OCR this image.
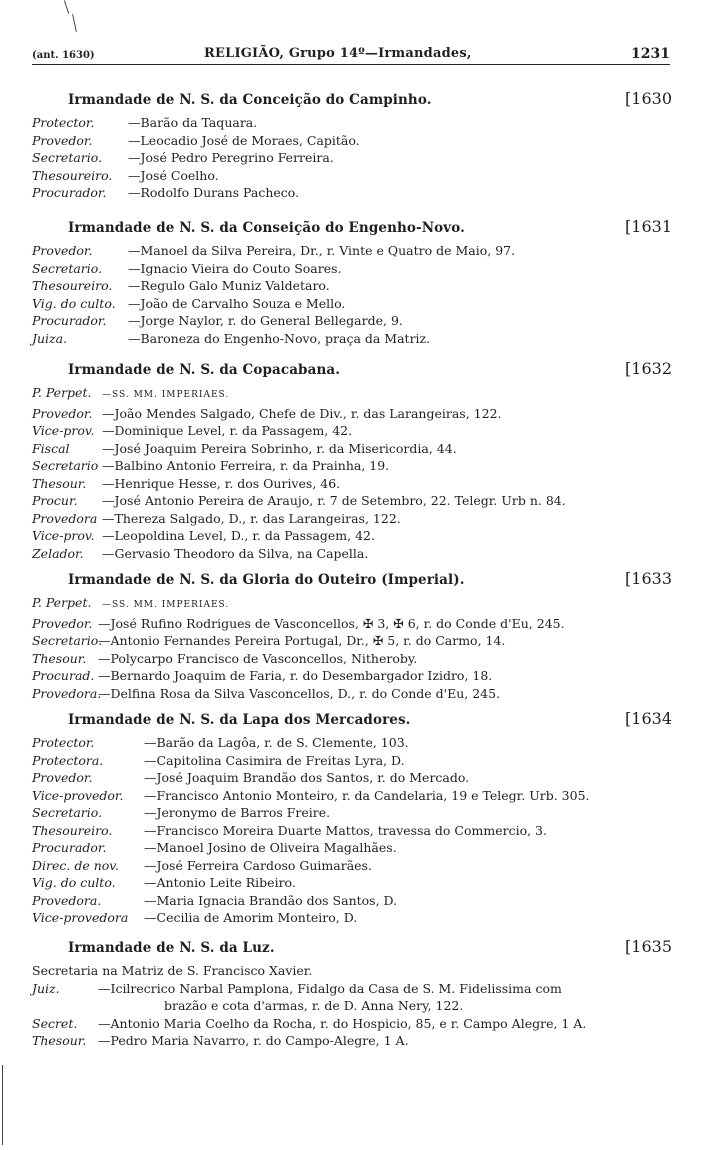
(ant. 1630)	RELIGIÃO, Grupo 14º—Irmandades,	1231
Irmandade de N. S. da Conceição do Campinho.	[1630
Protector.	—Barão da Taquara.
Provedor.	—Leocadio José de Moraes, Capitão.
Secretario. —José Pedro Peregrino Ferreira.
Thesoureiro. —José Coelho.
Procurador. —Rodolfo Durans Pacheco.
Irmandade de N. S. da Conseição do Engenho-Novo.	[1631
Provedor.	—Manoel da Silva Pereira, Dr., r. Vinte e Quatro de Maio, 97.
Secretario. —Ignacio Vieira do Couto Soares.
Thesoureiro. —Regulo Galo Muniz Valdetaro.
Vig. do culto. —João de Carvalho Souza e Mello.
Procurador. —Jorge Naylor, r. do General Bellegarde, 9.
Juiza.	—Baroneza do Engenho-Novo, praça da Matriz.
Irmandade de N. S. da Copacabana.	[1632
P. Perpet. —SS. MM. IMPERIAES.
Provedor. —João Mendes Salgado, Chefe de Div., r. das Larangeiras, 122.
Vice-prov. —Dominique Level, r. da Passagem, 42.
Fiscal	—José Joaquim Pereira Sobrinho, r. da Misericordia, 44.
Secretario —Balbino Antonio Ferreira, r. da Prainha, 19.
Thesour. —Henrique Hesse, r. dos Ourives, 46.
Procur. —José Antonio Pereira de Araujo, r. 7 de Setembro, 22. Telegr. Urb n. 84.
Provedora —Thereza Salgado, D., r. das Larangeiras, 122.
Vice-prov. —Leopoldina Level, D., r. da Passagem, 42.
Zelador. —Gervasio Theodoro da Silva, na Capella.
Irmandade de N. S. da Gloria do Outeiro (Imperial).	[1633
P. Perpet. —SS. MM. IMPERIAES.
Provedor. —José Rufino Rodrigues de Vasconcellos, ✠ 3, ✠ 6, r. do Conde d'Eu, 245.
Secretario.—Antonio Fernandes Pereira Portugal, Dr., ✠ 5, r. do Carmo, 14.
Thesour. —Polycarpo Francisco de Vasconcellos, Nitheroby.
Procurad. —Bernardo Joaquim de Faria, r. do Desembargador Izidro, 18.
Provedora.—Delfina Rosa da Silva Vasconcellos, D., r. do Conde d'Eu, 245.
Irmandade de N. S. da Lapa dos Mercadores.	[1634
Protector.	—Barão da Lagôa, r. de S. Clemente, 103.
Protectora.	—Capitolina Casimira de Freitas Lyra, D.
Provedor.	—José Joaquim Brandão dos Santos, r. do Mercado.
Vice-provedor. —Francisco Antonio Monteiro, r. da Candelaria, 19 e Telegr. Urb. 305.
Secretario.	—Jeronymo de Barros Freire.
Thesoureiro.	—Francisco Moreira Duarte Mattos, travessa do Commercio, 3.
Procurador.	—Manoel Josino de Oliveira Magalhães.
Direc. de nov. —José Ferreira Cardoso Guimarães.
Vig. do culto. —Antonio Leite Ribeiro.
Provedora.	—Maria Ignacia Brandão dos Santos, D.
Vice-provedora —Cecilia de Amorim Monteiro, D.
Irmandade de N. S. da Luz.	[1635
Secretaria na Matriz de S. Francisco Xavier.
Juiz.	—Icilrecrico Narbal Pamplona, Fidalgo da Casa de S. M. Fidelissima com
brazão e cota d'armas, r. de D. Anna Nery, 122.
Secret. —Antonio Maria Coelho da Rocha, r. do Hospicio, 85, e r. Campo Alegre, 1 A.
Thesour. —Pedro Maria Navarro, r. do Campo-Alegre, 1 A.
